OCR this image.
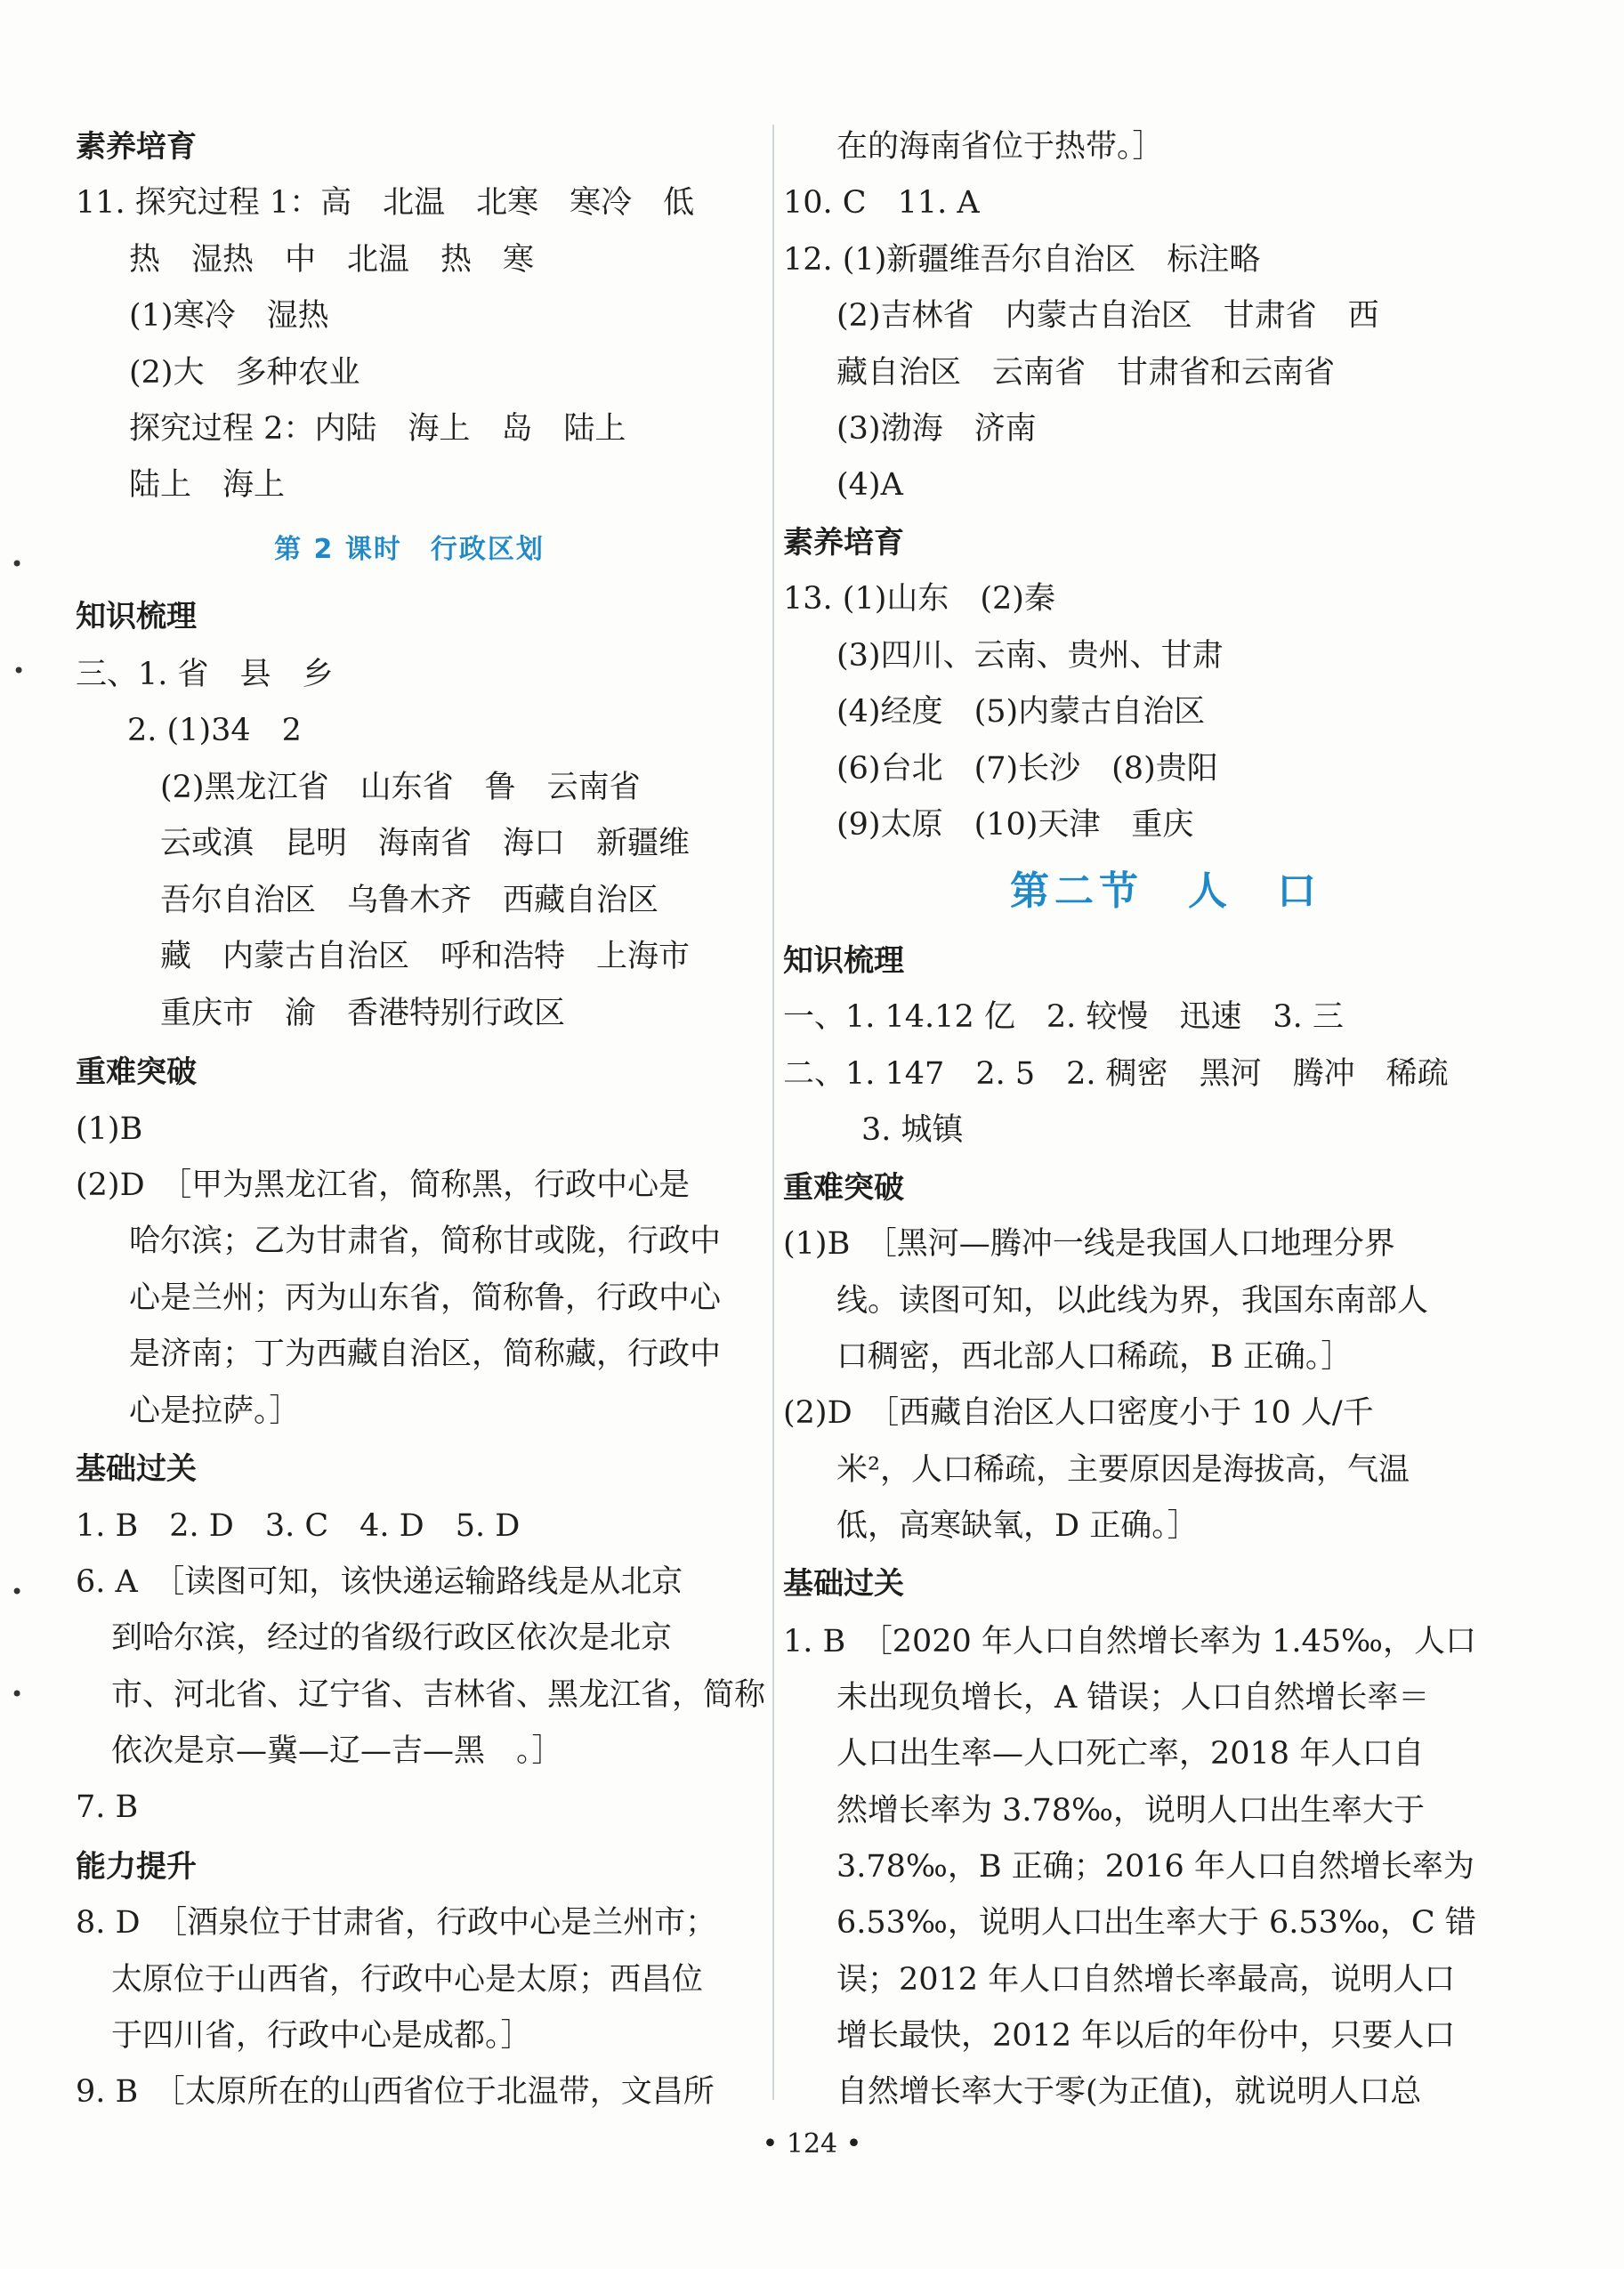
素养培育
11. 探究过程 1：高　北温　北寒　寒冷　低
热　湿热　中　北温　热　寒
(1)寒冷　湿热
(2)大　多种农业
探究过程 2：内陆　海上　岛　陆上
陆上　海上
第 2 课时　行政区划
知识梳理
三、1. 省　县　乡
2. (1)34　2
(2)黑龙江省　山东省　鲁　云南省
云或滇　昆明　海南省　海口　新疆维
吾尔自治区　乌鲁木齐　西藏自治区
藏　内蒙古自治区　呼和浩特　上海市
重庆市　渝　香港特别行政区
重难突破
(1)B
(2)D　［甲为黑龙江省，简称黑，行政中心是
哈尔滨；乙为甘肃省，简称甘或陇，行政中
心是兰州；丙为山东省，简称鲁，行政中心
是济南；丁为西藏自治区，简称藏，行政中
心是拉萨。］
基础过关
1. B　2. D　3. C　4. D　5. D
6. A　［读图可知，该快递运输路线是从北京
到哈尔滨，经过的省级行政区依次是北京
市、河北省、辽宁省、吉林省、黑龙江省，简称
依次是京—冀—辽—吉—黑　。］
7. B
能力提升
8. D　［酒泉位于甘肃省，行政中心是兰州市；
太原位于山西省，行政中心是太原；西昌位
于四川省，行政中心是成都。］
9. B　［太原所在的山西省位于北温带，文昌所
在的海南省位于热带。］
10. C　11. A
12. (1)新疆维吾尔自治区　标注略
(2)吉林省　内蒙古自治区　甘肃省　西
藏自治区　云南省　甘肃省和云南省
(3)渤海　济南
(4)A
素养培育
13. (1)山东　(2)秦
(3)四川、云南、贵州、甘肃
(4)经度　(5)内蒙古自治区
(6)台北　(7)长沙　(8)贵阳
(9)太原　(10)天津　重庆
第二节　人　口
知识梳理
一、1. 14.12 亿　2. 较慢　迅速　3. 三
二、1. 147　2. 5　2. 稠密　黑河　腾冲　稀疏
3. 城镇
重难突破
(1)B　［黑河—腾冲一线是我国人口地理分界
线。读图可知，以此线为界，我国东南部人
口稠密，西北部人口稀疏，B 正确。］
(2)D　［西藏自治区人口密度小于 10 人/千
米²，人口稀疏，主要原因是海拔高，气温
低，高寒缺氧，D 正确。］
基础过关
1. B　［2020 年人口自然增长率为 1.45‰，人口
未出现负增长，A 错误；人口自然增长率＝
人口出生率—人口死亡率，2018 年人口自
然增长率为 3.78‰，说明人口出生率大于
3.78‰，B 正确；2016 年人口自然增长率为
6.53‰，说明人口出生率大于 6.53‰，C 错
误；2012 年人口自然增长率最高，说明人口
增长最快，2012 年以后的年份中，只要人口
自然增长率大于零(为正值)，就说明人口总
• 124 •
•
•
•
•
